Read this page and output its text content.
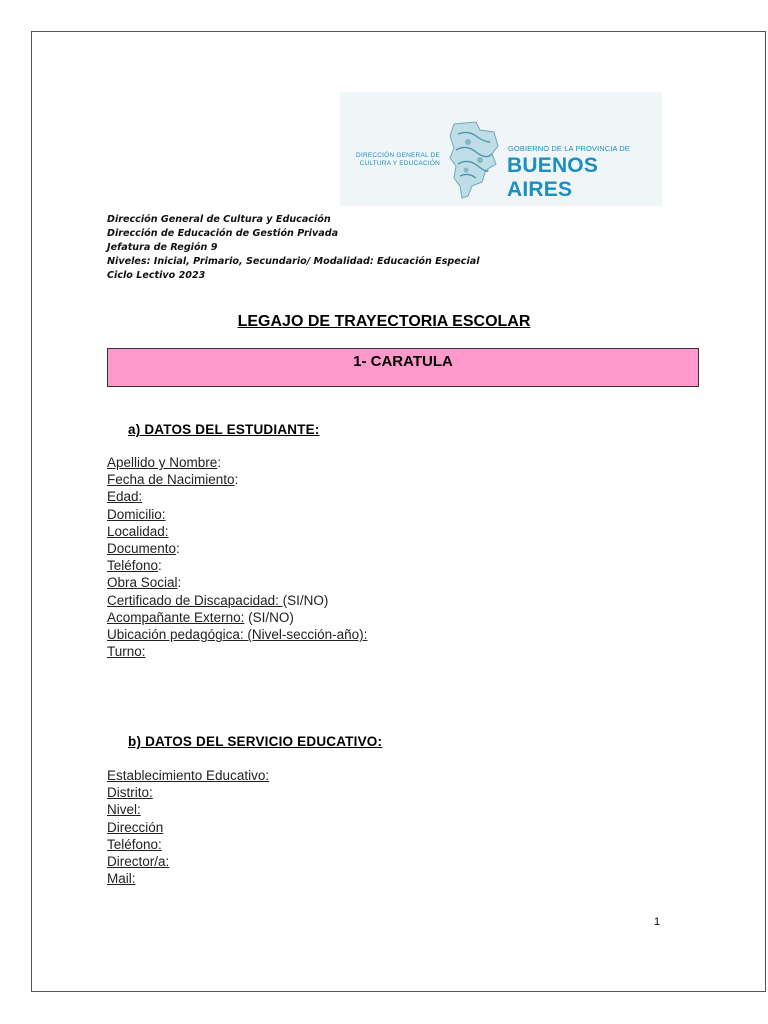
DIRECCIÓN GENERAL DE
CULTURA Y EDUCACIÓN
GOBIERNO DE LA PROVINCIA DE
BUENOS AIRES
Dirección General de Cultura y Educación
Dirección de Educación de Gestión Privada
Jefatura de Región 9
Niveles: Inicial, Primario, Secundario/ Modalidad: Educación Especial
Ciclo Lectivo 2023
LEGAJO DE TRAYECTORIA ESCOLAR
1- CARATULA
a) DATOS DEL ESTUDIANTE:
Apellido y Nombre:
Fecha de Nacimiento:
Edad:
Domicilio:
Localidad:
Documento:
Teléfono:
Obra Social:
Certificado de Discapacidad: (SI/NO)
Acompañante Externo: (SI/NO)
Ubicación pedagógica: (Nivel-sección-año):
Turno:
b) DATOS DEL SERVICIO EDUCATIVO:
Establecimiento Educativo:
Distrito:
Nivel:
Dirección
Teléfono:
Director/a:
Mail:
1
